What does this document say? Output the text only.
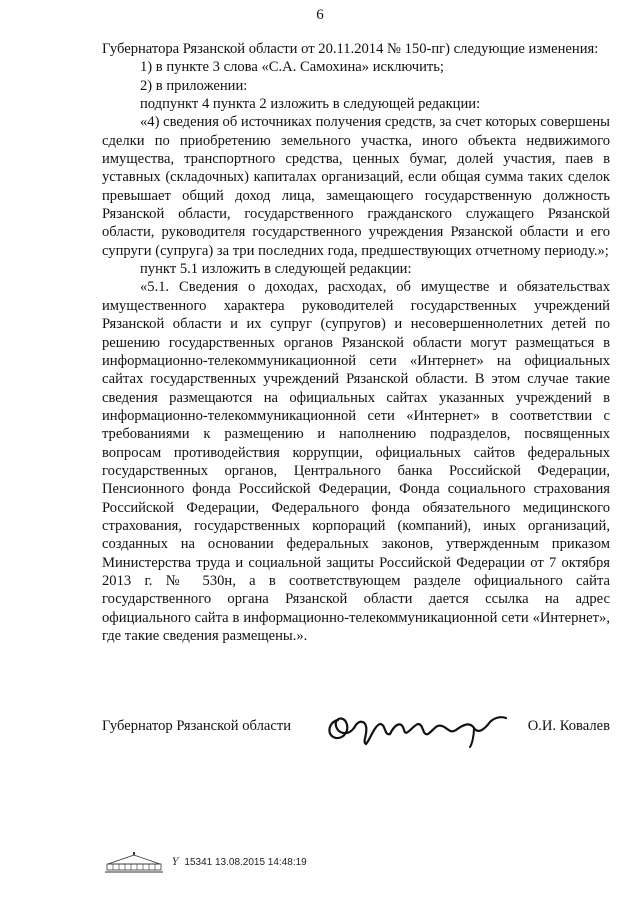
6

Губернатора Рязанской области от 20.11.2014 № 150-пг) следующие изменения:

1) в пункте 3 слова «С.А. Самохина» исключить;

2) в приложении:

подпункт 4 пункта 2 изложить в следующей редакции:

«4) сведения об источниках получения средств, за счет которых совершены сделки по приобретению земельного участка, иного объекта недвижимого имущества, транспортного средства, ценных бумаг, долей участия, паев в уставных (складочных) капиталах организаций, если общая сумма таких сделок превышает общий доход лица, замещающего государственную должность Рязанской области, государственного гражданского служащего Рязанской области, руководителя государственного учреждения Рязанской области и его супруги (супруга) за три последних года, предшествующих отчетному периоду.»;

пункт 5.1 изложить в следующей редакции:

«5.1. Сведения о доходах, расходах, об имуществе и обязательствах имущественного характера руководителей государственных учреждений Рязанской области и их супруг (супругов) и несовершеннолетних детей по решению государственных органов Рязанской области могут размещаться в информационно-телекоммуникационной сети «Интернет» на официальных сайтах государственных учреждений Рязанской области. В этом случае такие сведения размещаются на официальных сайтах указанных учреждений в информационно-телекоммуникационной сети «Интернет» в соответствии с требованиями к размещению и наполнению подразделов, посвященных вопросам противодействия коррупции, официальных сайтов федеральных государственных органов, Центрального банка Российской Федерации, Пенсионного фонда Российской Федерации, Фонда социального страхования Российской Федерации, Федерального фонда обязательного медицинского страхования, государственных корпораций (компаний), иных организаций, созданных на основании федеральных законов, утвержденным приказом Министерства труда и социальной защиты Российской Федерации от 7 октября 2013 г. № 530н, а в соответствующем разделе официального сайта государственного органа Рязанской области дается ссылка на адрес официального сайта в информационно-телекоммуникационной сети «Интернет», где такие сведения размещены.».

Губернатор Рязанской области	О.И. Ковалев
Ү 15341 13.08.2015 14:48:19
